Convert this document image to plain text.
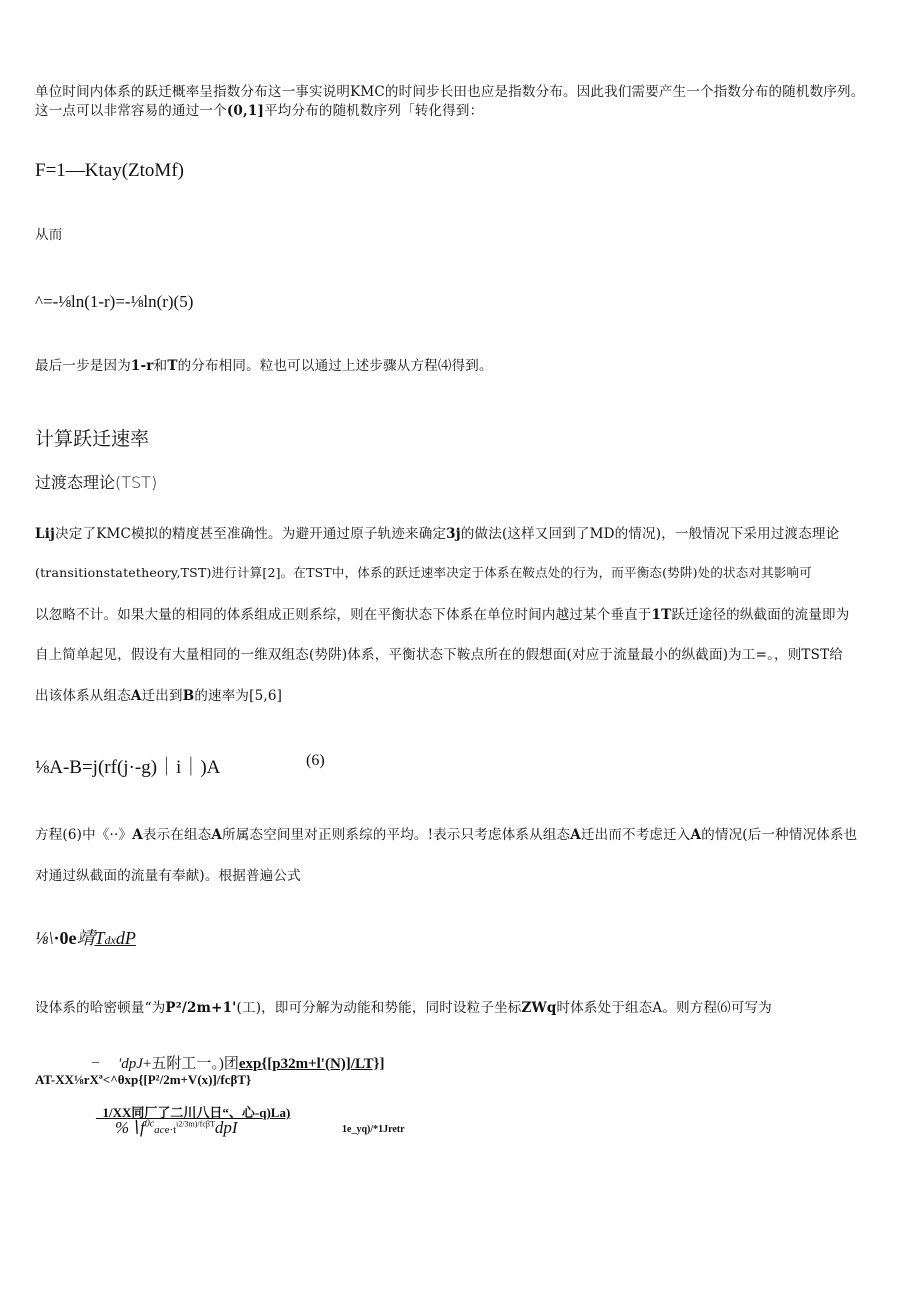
单位时间内体系的跃迁概率呈指数分布这一事实说明KMC的时间步长田也应是指数分布。因此我们需要产生一个指数分布的随机数序列。
这一点可以非常容易的通过一个(0,1]平均分布的随机数序列「转化得到：
F=1—Ktay(ZtoMf)
从而
^=-⅛ln(1-r)=-⅛ln(r)(5)
最后一步是因为1-r和T的分布相同。粒也可以通过上述步骤从方程⑷得到。
计算跃迁速率
过渡态理论(TST)
Lij决定了KMC模拟的精度甚至准确性。为避开通过原子轨迹来确定3j的做法(这样又回到了MD的情况)，一般情况下采用过渡态理论
(transitionstatetheory,TST)进行计算[2]。在TST中，体系的跃迁速率决定于体系在鞍点处的行为，而平衡态(势阱)处的状态对其影响可
以忽略不计。如果大量的相同的体系组成正则系综，则在平衡状态下体系在单位时间内越过某个垂直于1T跃迁途径的纵截面的流量即为
自上简单起见，假设有大量相同的一维双组态(势阱)体系，平衡状态下鞍点所在的假想面(对应于流量最小的纵截面)为工=。，则TST给
出该体系从组态A迁出到B的速率为[5,6]
⅛A-B=j(rf(j·-g)｜i｜)A	(6)
方程(6)中《··》A表示在组态A所属态空间里对正则系综的平均。!表示只考虑体系从组态A迁出而不考虑迁入A的情况(后一种情况体系也
对通过纵截面的流量有奉献)。根据普遍公式
⅛\·0e靖TdxdP
设体系的哈密顿量“为P²/2m+1'(工)，即可分解为动能和势能，同时设粒子坐标ZWq时体系处于组态A。则方程⑹可写为
_ 'dpJ+五附工一。)团exp{[p32m+l'(N)]/LT}]
AT-XX⅛rXª<^θxp{[P²/2m+V(x)]/fcβT}
_1/XX同厂了二川八日“、心-q)La)
$\%∖f^{0c}ace\cdot t^{\iota 2/3m)/fc\beta T}dpI$	1e_yq)/*1Jretr
